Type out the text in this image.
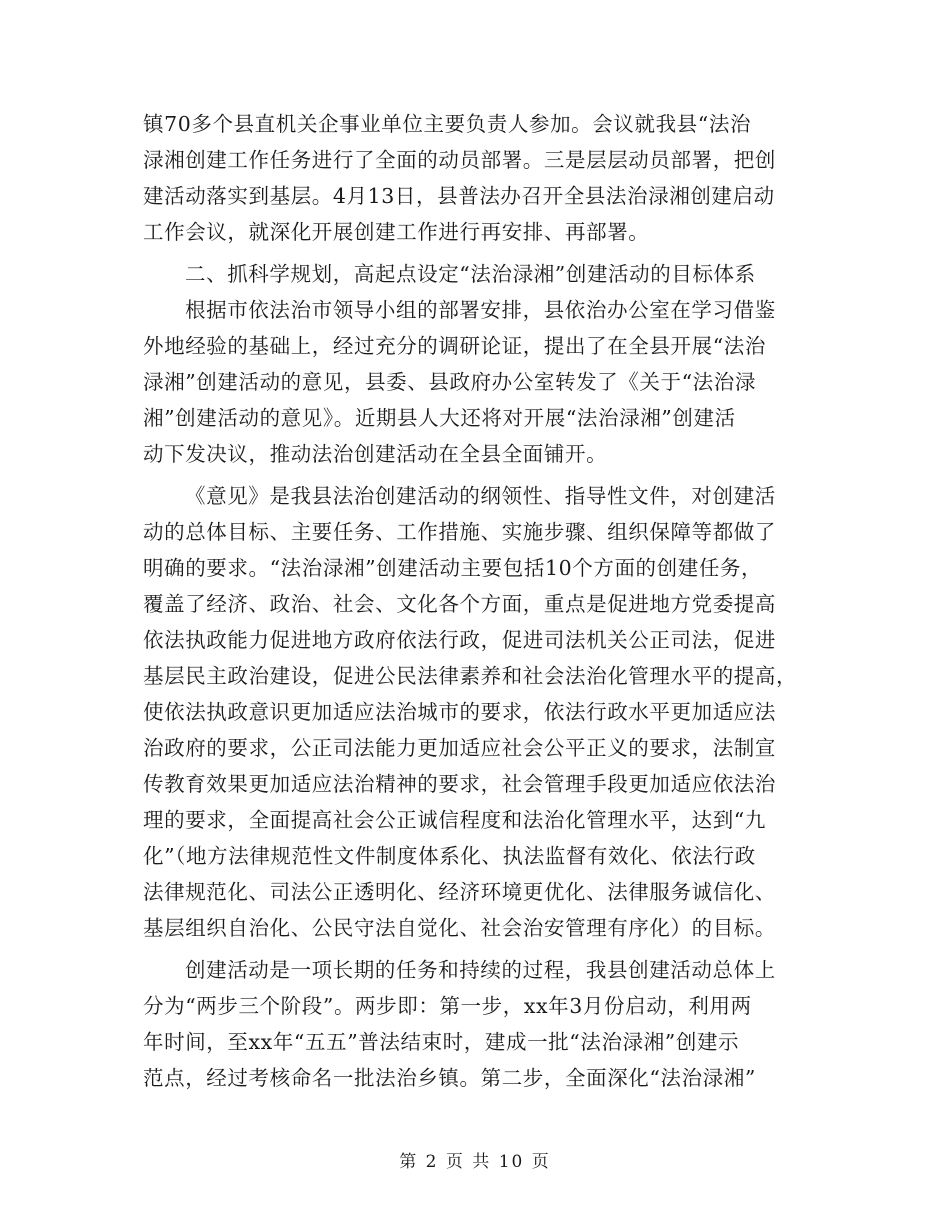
镇70多个县直机关企事业单位主要负责人参加。会议就我县“法治
渌湘创建工作任务进行了全面的动员部署。三是层层动员部署，把创
建活动落实到基层。4月13日，县普法办召开全县法治渌湘创建启动
工作会议，就深化开展创建工作进行再安排、再部署。
二、抓科学规划，高起点设定“法治渌湘”创建活动的目标体系
根据市依法治市领导小组的部署安排，县依治办公室在学习借鉴
外地经验的基础上，经过充分的调研论证，提出了在全县开展“法治
渌湘”创建活动的意见，县委、县政府办公室转发了《关于“法治渌
湘”创建活动的意见》。近期县人大还将对开展“法治渌湘”创建活
动下发决议，推动法治创建活动在全县全面铺开。
《意见》是我县法治创建活动的纲领性、指导性文件，对创建活
动的总体目标、主要任务、工作措施、实施步骤、组织保障等都做了
明确的要求。“法治渌湘”创建活动主要包括10个方面的创建任务，
覆盖了经济、政治、社会、文化各个方面，重点是促进地方党委提高
依法执政能力促进地方政府依法行政，促进司法机关公正司法，促进
基层民主政治建设，促进公民法律素养和社会法治化管理水平的提高，
使依法执政意识更加适应法治城市的要求，依法行政水平更加适应法
治政府的要求，公正司法能力更加适应社会公平正义的要求，法制宣
传教育效果更加适应法治精神的要求，社会管理手段更加适应依法治
理的要求，全面提高社会公正诚信程度和法治化管理水平，达到“九
化”（地方法律规范性文件制度体系化、执法监督有效化、依法行政
法律规范化、司法公正透明化、经济环境更优化、法律服务诚信化、
基层组织自治化、公民守法自觉化、社会治安管理有序化）的目标。
创建活动是一项长期的任务和持续的过程，我县创建活动总体上
分为“两步三个阶段”。两步即：第一步，xx年3月份启动，利用两
年时间，至xx年“五五”普法结束时，建成一批“法治渌湘”创建示
范点，经过考核命名一批法治乡镇。第二步，全面深化“法治渌湘”
第 2 页 共 10 页
